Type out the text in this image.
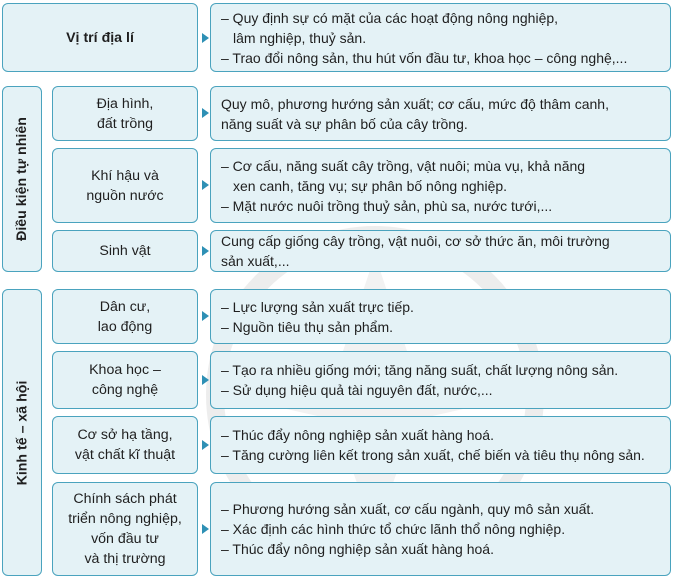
Vị trí địa lí
– Quy định sự có mặt của các hoạt động nông nghiệp,
lâm nghiệp, thuỷ sản.
– Trao đổi nông sản, thu hút vốn đầu tư, khoa học – công nghệ,...
Điều kiện tự nhiên
Địa hình,
đất trồng
Quy mô, phương hướng sản xuất; cơ cấu, mức độ thâm canh,
năng suất và sự phân bố của cây trồng.
Khí hậu và
nguồn nước
– Cơ cấu, năng suất cây trồng, vật nuôi; mùa vụ, khả năng
xen canh, tăng vụ; sự phân bố nông nghiệp.
– Mặt nước nuôi trồng thuỷ sản, phù sa, nước tưới,...
Sinh vật
Cung cấp giống cây trồng, vật nuôi, cơ sở thức ăn, môi trường
sản xuất,...
Kinh tế – xã hội
Dân cư,
lao động
– Lực lượng sản xuất trực tiếp.
– Nguồn tiêu thụ sản phẩm.
Khoa học –
công nghệ
– Tạo ra nhiều giống mới; tăng năng suất, chất lượng nông sản.
– Sử dụng hiệu quả tài nguyên đất, nước,...
Cơ sở hạ tầng,
vật chất kĩ thuật
– Thúc đẩy nông nghiệp sản xuất hàng hoá.
– Tăng cường liên kết trong sản xuất, chế biến và tiêu thụ nông sản.
Chính sách phát
triển nông nghiệp,
vốn đầu tư
và thị trường
– Phương hướng sản xuất, cơ cấu ngành, quy mô sản xuất.
– Xác định các hình thức tổ chức lãnh thổ nông nghiệp.
– Thúc đẩy nông nghiệp sản xuất hàng hoá.
